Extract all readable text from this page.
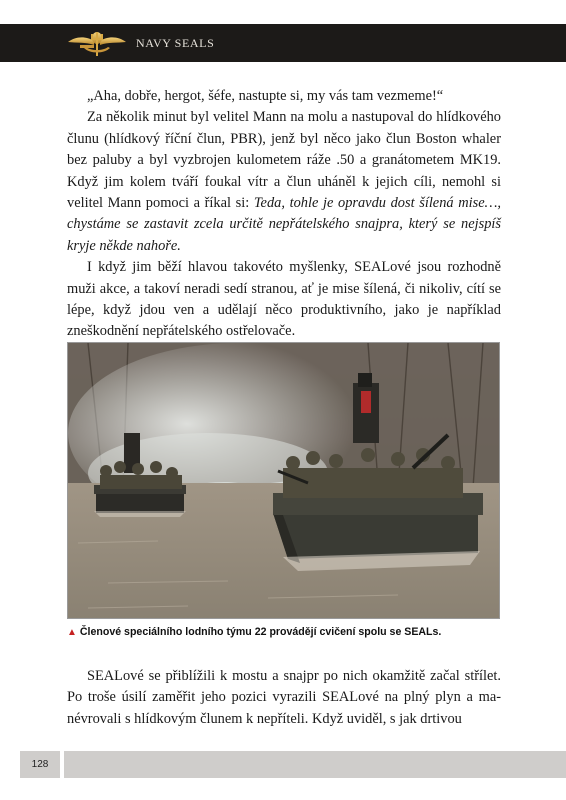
NAVY SEALS

„Aha, dobře, hergot, šéfe, nastupte si, my vás tam vezmeme!“

Za několik minut byl velitel Mann na molu a nastupoval do hlídkového člunu (hlídkový říční člun, PBR), jenž byl něco jako člun Boston whaler bez paluby a byl vyzbrojen kulometem ráže .50 a granátometem MK19. Když jim kolem tváří foukal vítr a člun uháněl k jejich cíli, nemohl si velitel Mann pomoci a říkal si: Teda, tohle je opravdu dost šílená mise…, chystáme se zastavit zcela určitě nepřátelského snajpra, který se nejspíš kryje někde nahoře.

I když jim běží hlavou takovéto myšlenky, SEALové jsou rozhodně muži akce, a takoví neradi sedí stranou, ať je mise šílená, či nikoliv, cítí se lépe, když jdou ven a udělají něco produktivního, jako je například zneškodnění nepřátelského ostřelovače.

▲ Členové speciálního lodního týmu 22 provádějí cvičení spolu se SEALs.

SEALové se přiblížili k mostu a snajpr po nich okamžitě začal střílet. Po troše úsilí zaměřit jeho pozici vyrazili SEALové na plný plyn a manévrovali s hlídkovým člunem k nepříteli. Když uviděl, s jak drtivou

128
